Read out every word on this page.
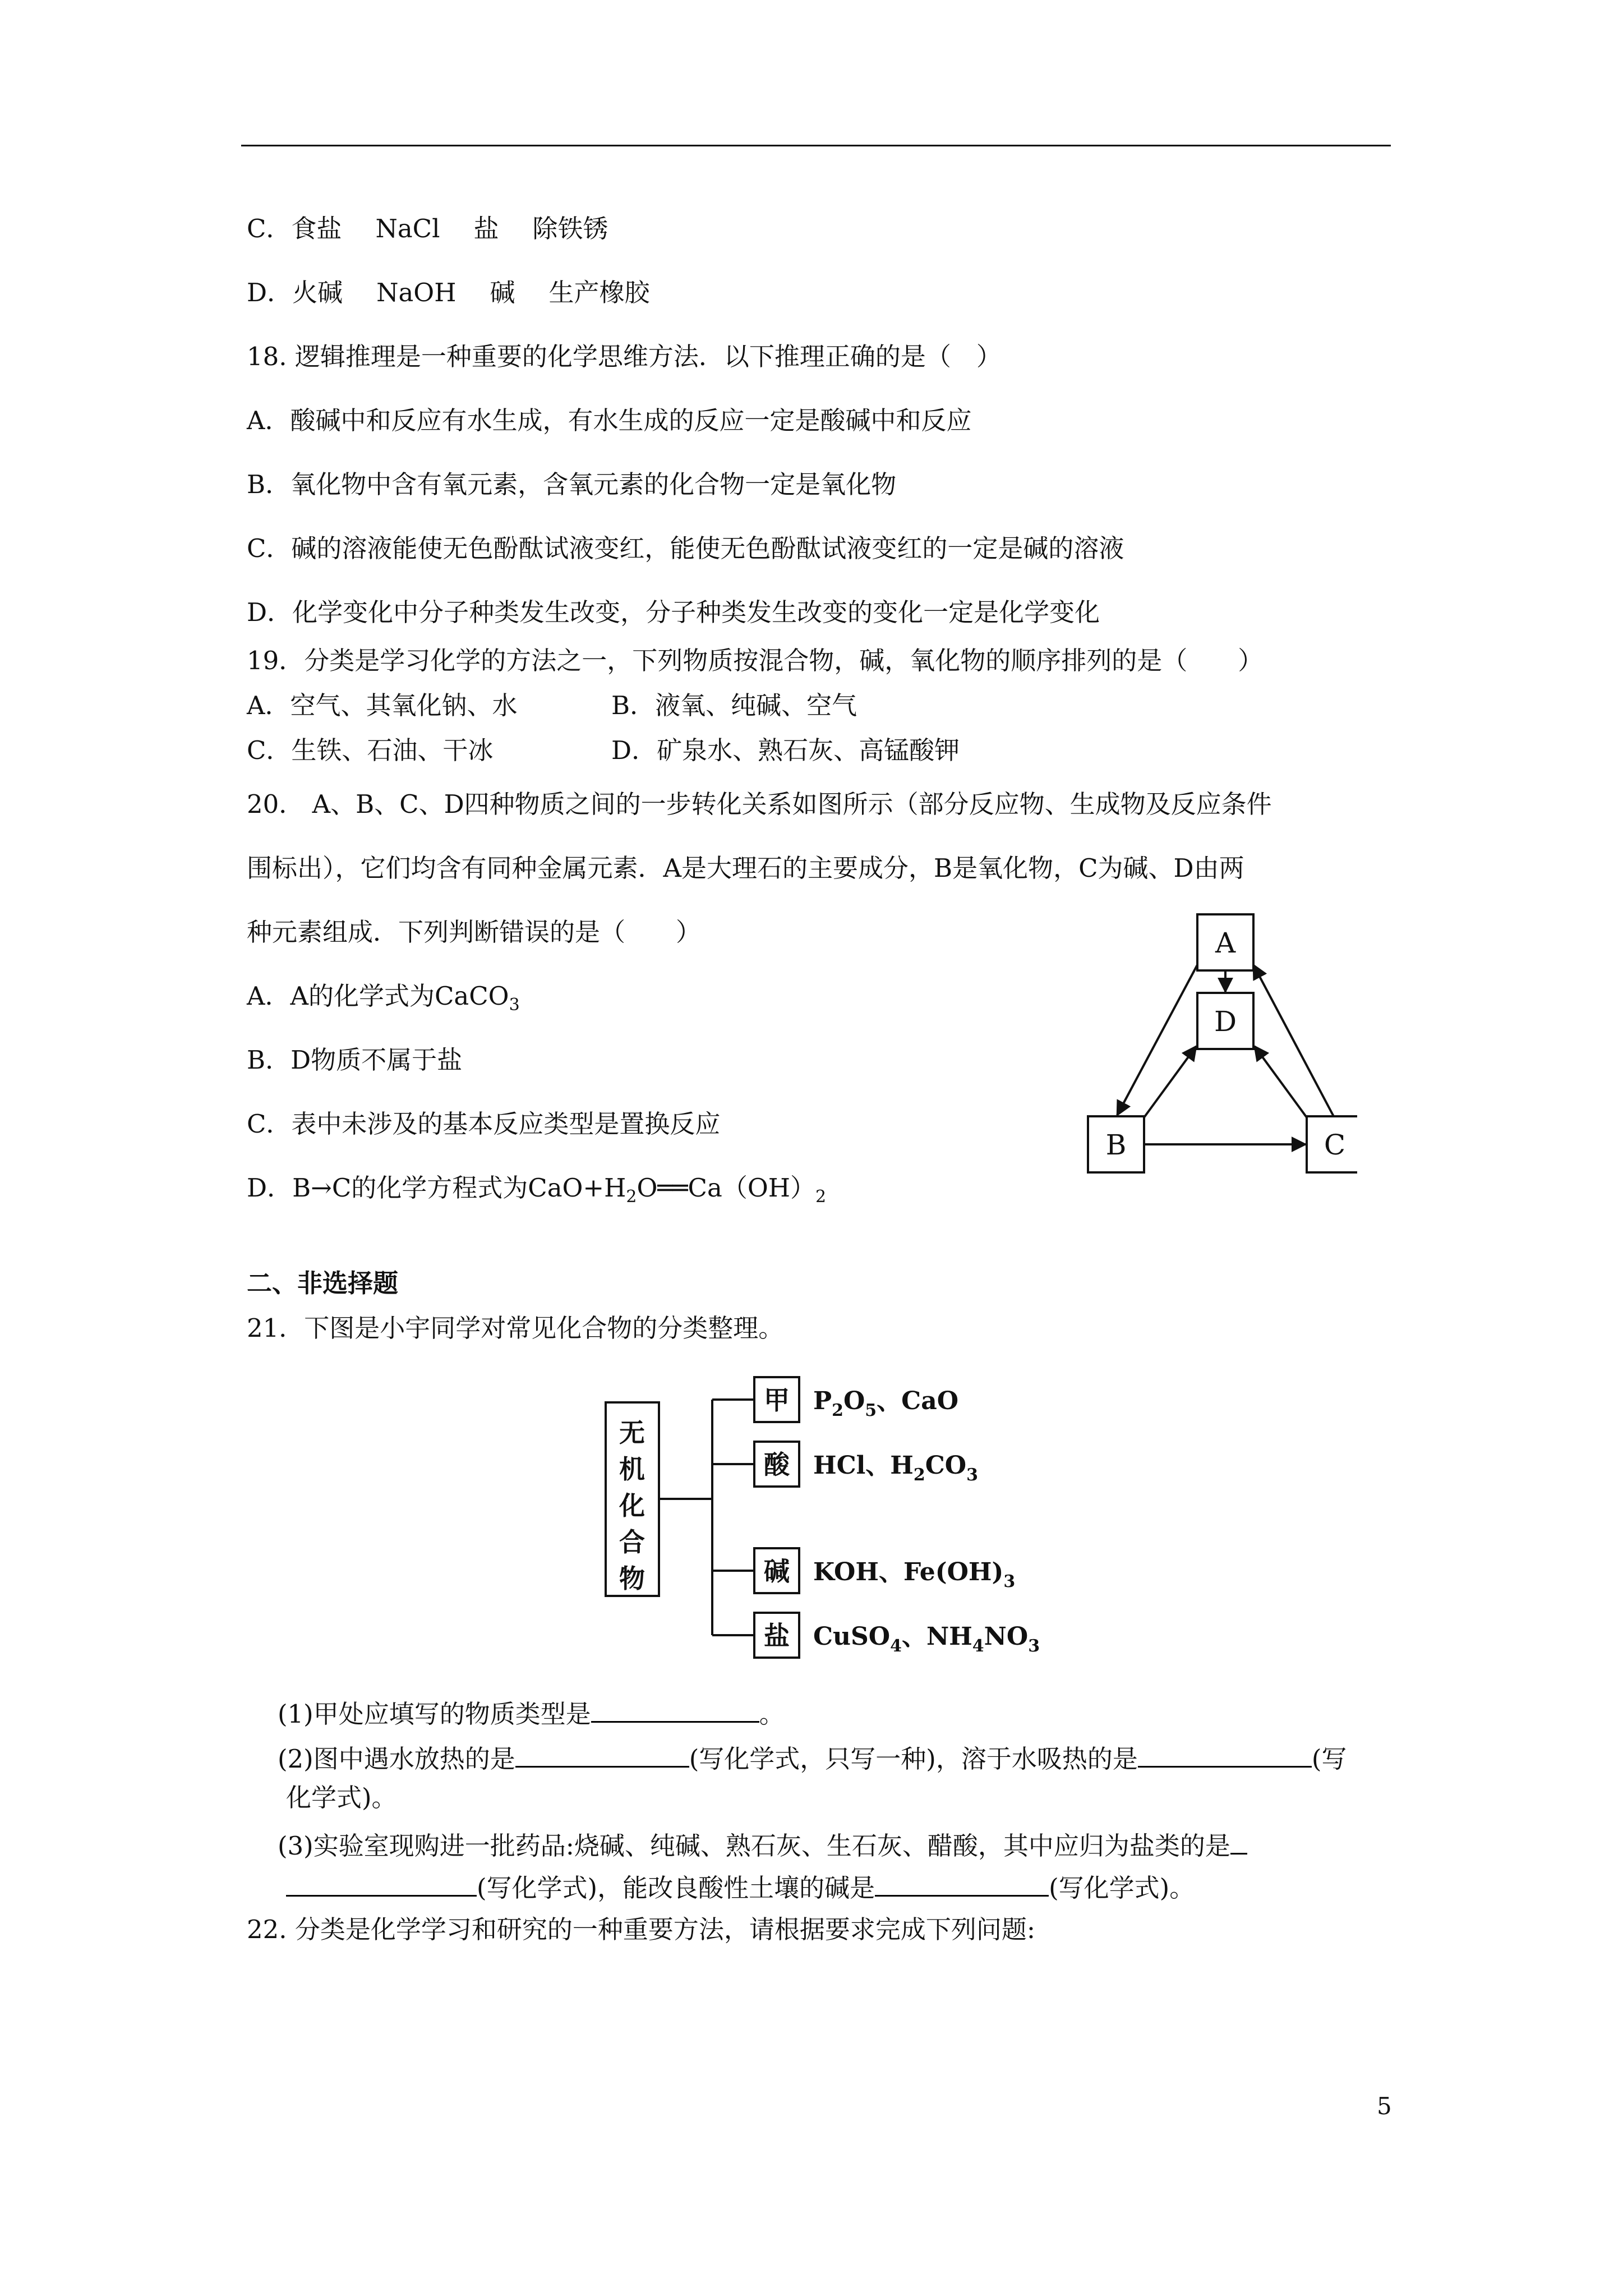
C．食盐 NaCl 盐 除铁锈
D．火碱 NaOH 碱 生产橡胶
18. 逻辑推理是一种重要的化学思维方法．以下推理正确的是（　）
A．酸碱中和反应有水生成，有水生成的反应一定是酸碱中和反应
B．氧化物中含有氧元素，含氧元素的化合物一定是氧化物
C．碱的溶液能使无色酚酞试液变红，能使无色酚酞试液变红的一定是碱的溶液
D．化学变化中分子种类发生改变，分子种类发生改变的变化一定是化学变化
19．分类是学习化学的方法之一，下列物质按混合物，碱，氧化物的顺序排列的是（　　）
A．空气、其氧化钠、水	B．液氧、纯碱、空气
C．生铁、石油、干冰	D．矿泉水、熟石灰、高锰酸钾
20． A、B、C、D四种物质之间的一步转化关系如图所示（部分反应物、生成物及反应条件
围标出），它们均含有同种金属元素．A是大理石的主要成分，B是氧化物，C为碱、D由两
种元素组成．下列判断错误的是（　　）
A．A的化学式为CaCO$_3$
B．D物质不属于盐
C．表中未涉及的基本反应类型是置换反应
D．B→C的化学方程式为$CaO+H_2O══Ca(OH)_2$
A
D
B	C
二、非选择题
21．下图是小宇同学对常见化合物的分类整理。
无
机
化
合
物
甲
酸
碱
盐
$P_2O_5$、CaO
HCl、$H_2CO_3$
KOH、$Fe(OH)_3$
CuSO$_4$、$NH_4NO_3$
(1)甲处应填写的物质类型是	。
(2)图中遇水放热的是	(写化学式，只写一种)，溶于水吸热的是	(写
化学式)。
(3)实验室现购进一批药品:烧碱、纯碱、熟石灰、生石灰、醋酸，其中应归为盐类的是
(写化学式)，能改良酸性土壤的碱是	(写化学式)。
22. 分类是化学学习和研究的一种重要方法，请根据要求完成下列问题:
5
